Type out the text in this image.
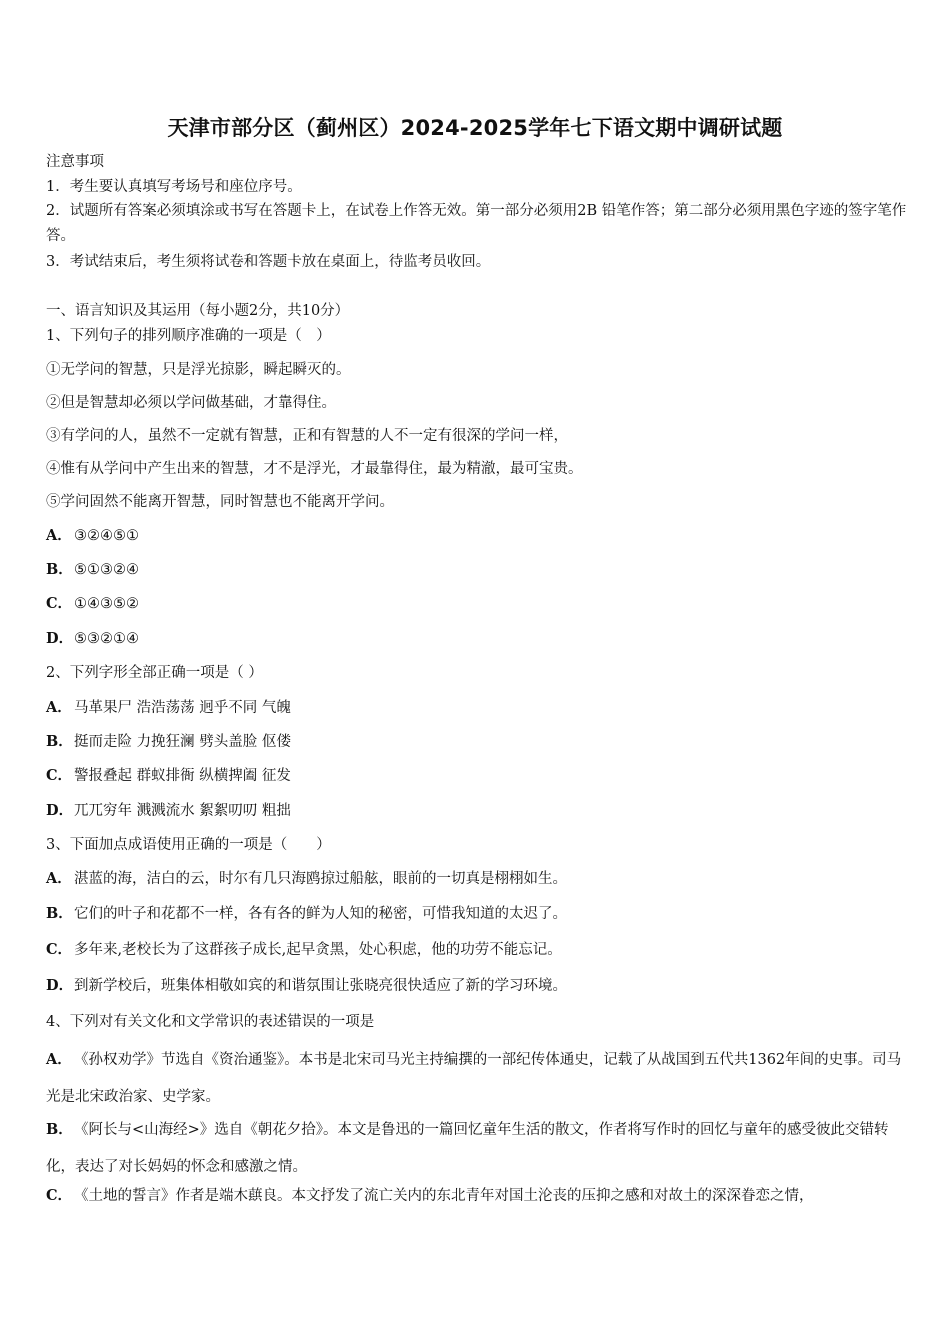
天津市部分区（蓟州区）2024-2025学年七下语文期中调研试题
注意事项
1．考生要认真填写考场号和座位序号。
2．试题所有答案必须填涂或书写在答题卡上，在试卷上作答无效。第一部分必须用2B 铅笔作答；第二部分必须用黑色字迹的签字笔作答。
3．考试结束后，考生须将试卷和答题卡放在桌面上，待监考员收回。
一、语言知识及其运用（每小题2分，共10分）
1、下列句子的排列顺序准确的一项是（　）
①无学问的智慧，只是浮光掠影，瞬起瞬灭的。
②但是智慧却必须以学问做基础，才靠得住。
③有学问的人，虽然不一定就有智慧，正和有智慧的人不一定有很深的学问一样，
④惟有从学问中产生出来的智慧，才不是浮光，才最靠得住，最为精澈，最可宝贵。
⑤学问固然不能离开智慧，同时智慧也不能离开学问。
A． ③②④⑤①
B．⑤①③②④
C． ①④③⑤②
D．⑤③②①④
2、下列字形全部正确一项是（ ）
A． 马革果尸 浩浩荡荡 迥乎不同 气魄
B．挺而走险 力挽狂澜 劈头盖脸 伛偻
C． 警报叠起 群蚁排衙 纵横捭阖 征发
D．兀兀穷年 溅溅流水 絮絮叨叨 粗拙
3、下面加点成语使用正确的一项是（　　）
A． 湛蓝的海，洁白的云，时尔有几只海鸥掠过船舷，眼前的一切真是栩栩如生。
B．它们的叶子和花都不一样，各有各的鲜为人知的秘密，可惜我知道的太迟了。
C． 多年来,老校长为了这群孩子成长,起早贪黑，处心积虑，他的功劳不能忘记。
D．到新学校后，班集体相敬如宾的和谐氛围让张晓亮很快适应了新的学习环境。
4、下列对有关文化和文学常识的表述错误的一项是
A． 《孙权劝学》节选自《资治通鉴》。本书是北宋司马光主持编撰的一部纪传体通史，记载了从战国到五代共1362年间的史事。司马光是北宋政治家、史学家。
B．《阿长与<山海经>》选自《朝花夕拾》。本文是鲁迅的一篇回忆童年生活的散文，作者将写作时的回忆与童年的感受彼此交错转化，表达了对长妈妈的怀念和感激之情。
C． 《土地的誓言》作者是端木蕻良。本文抒发了流亡关内的东北青年对国土沦丧的压抑之感和对故土的深深眷恋之情，
